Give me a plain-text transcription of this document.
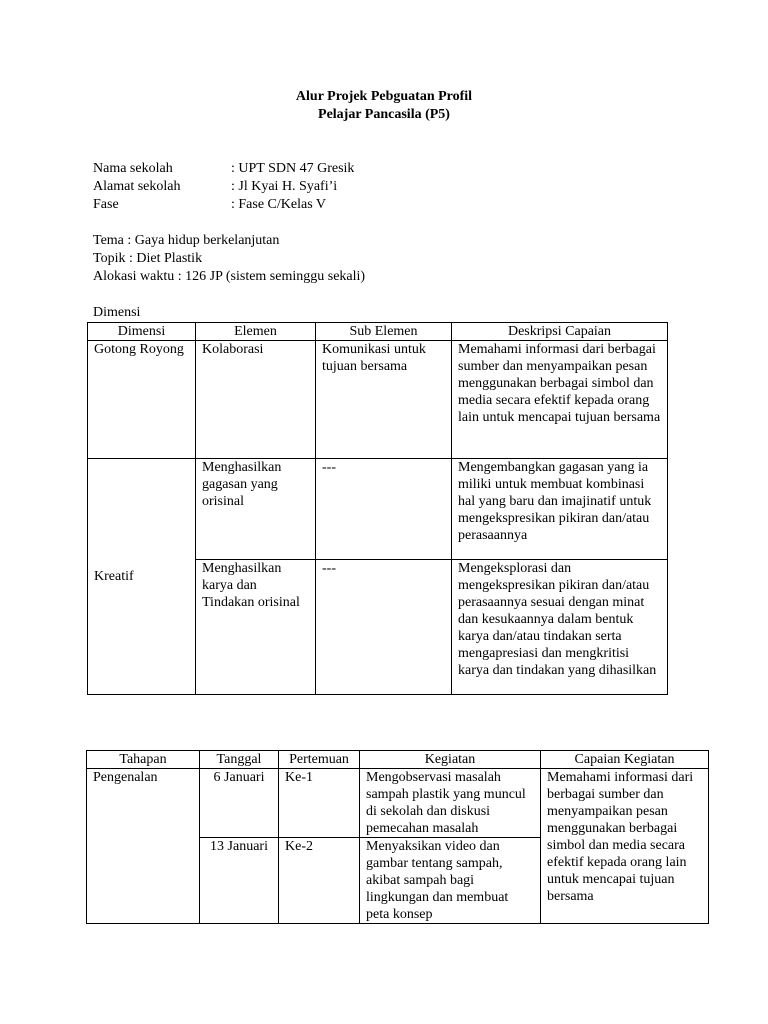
Alur Projek Pebguatan Profil
Pelajar Pancasila (P5)
Nama sekolah	: UPT SDN 47 Gresik
Alamat sekolah	: Jl Kyai H. Syafi’i
Fase	: Fase C/Kelas V
Tema : Gaya hidup berkelanjutan
Topik : Diet Plastik
Alokasi waktu : 126 JP (sistem seminggu sekali)
Dimensi
Dimensi	Elemen	Sub Elemen	Deskripsi Capaian
Gotong Royong	Kolaborasi	Komunikasi untuk tujuan bersama	Memahami informasi dari berbagai sumber dan menyampaikan pesan menggunakan berbagai simbol dan media secara efektif kepada orang lain untuk mencapai tujuan bersama
Kreatif	Menghasilkan gagasan yang orisinal	---	Mengembangkan gagasan yang ia miliki untuk membuat kombinasi hal yang baru dan imajinatif untuk mengekspresikan pikiran dan/atau perasaannya
	Menghasilkan karya dan Tindakan orisinal	---	Mengeksplorasi dan mengekspresikan pikiran dan/atau perasaannya sesuai dengan minat dan kesukaannya dalam bentuk karya dan/atau tindakan serta mengapresiasi dan mengkritisi karya dan tindakan yang dihasilkan
Tahapan	Tanggal	Pertemuan	Kegiatan	Capaian Kegiatan
Pengenalan	6 Januari	Ke-1	Mengobservasi masalah sampah plastik yang muncul di sekolah dan diskusi pemecahan masalah	Memahami informasi dari berbagai sumber dan menyampaikan pesan menggunakan berbagai simbol dan media secara efektif kepada orang lain untuk mencapai tujuan bersama
	13 Januari	Ke-2	Menyaksikan video dan gambar tentang sampah, akibat sampah bagi lingkungan dan membuat peta konsep	
